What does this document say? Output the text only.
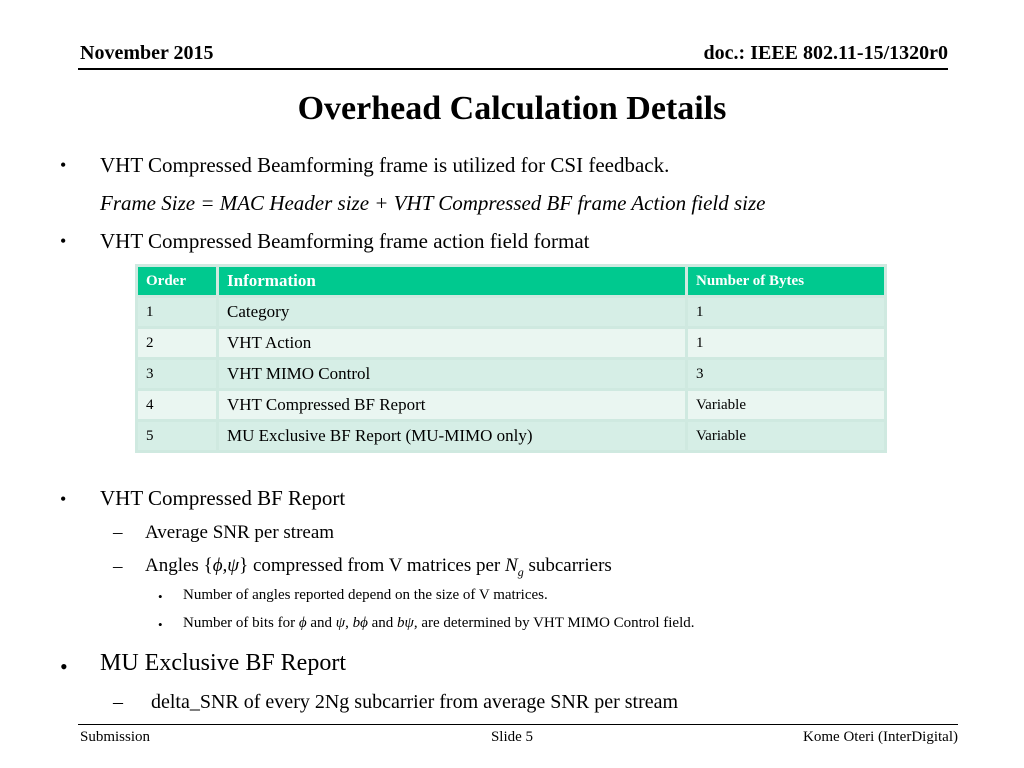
November 2015	doc.: IEEE 802.11-15/1320r0
Overhead Calculation Details
• VHT Compressed Beamforming frame is utilized for CSI feedback.
Frame Size = MAC Header size + VHT Compressed BF frame Action field size
• VHT Compressed Beamforming frame action field format
Order	Information	Number of Bytes
1	Category	1
2	VHT Action	1
3	VHT MIMO Control	3
4	VHT Compressed BF Report	Variable
5	MU Exclusive BF Report (MU-MIMO only)	Variable
• VHT Compressed BF Report
– Average SNR per stream
– Angles {ϕ,ψ} compressed from V matrices per $N_g$ subcarriers
• Number of angles reported depend on the size of V matrices.
• Number of bits for ϕ and ψ, bϕ and bψ, are determined by VHT MIMO Control field.
• MU Exclusive BF Report
– delta_SNR of every 2Ng subcarrier from average SNR per stream
Submission	Slide 5	Kome Oteri (InterDigital)
